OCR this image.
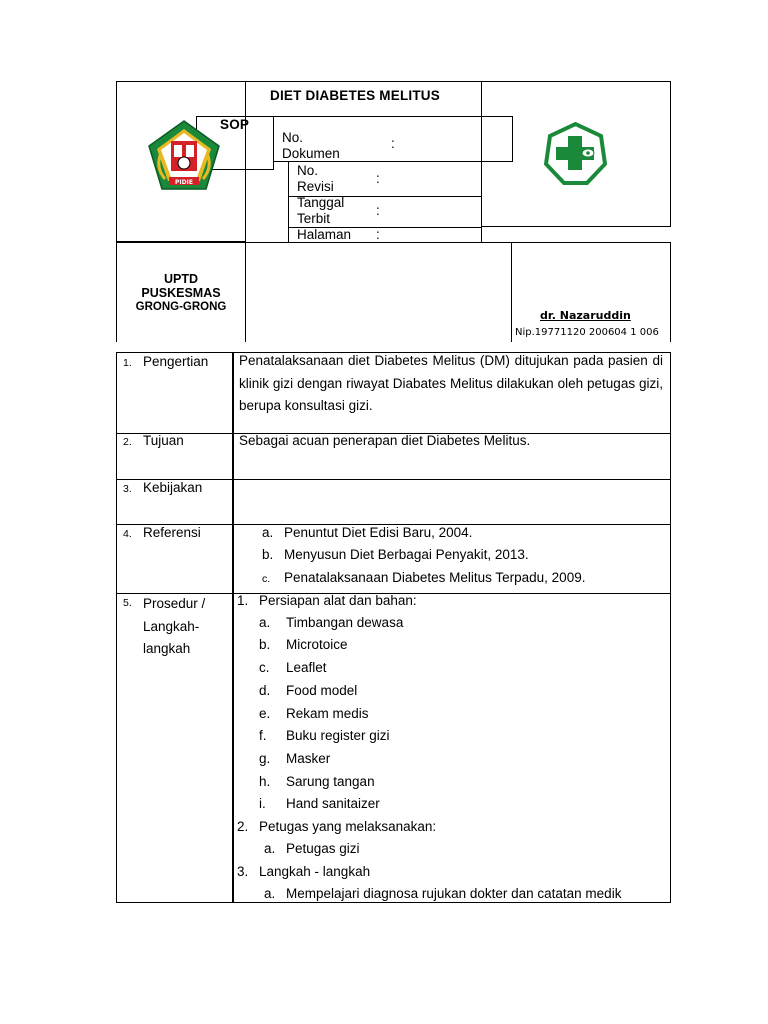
DIET DIABETES MELITUS
SOP
No.
Dokumen
:
No.
Revisi
:
Tanggal
Terbit
:
Halaman :
PIDIE
UPTD
PUSKESMAS
GRONG-GRONG
dr. Nazaruddin
Nip.19771120 200604 1 006
1. Pengertian Penatalaksanaan diet Diabetes Melitus (DM) ditujukan pada pasien di klinik gizi dengan riwayat Diabates Melitus dilakukan oleh petugas gizi, berupa konsultasi gizi.
2. Tujuan	Sebagai acuan penerapan diet Diabetes Melitus.
3. Kebijakan
4. Referensi	a. Penuntut Diet Edisi Baru, 2004.
b. Menyusun Diet Berbagai Penyakit, 2013.
c. Penatalaksanaan Diabetes Melitus Terpadu, 2009.
5. Prosedur /
Langkah-
langkah
1. Persiapan alat dan bahan:
a. Timbangan dewasa
b. Microtoice
c. Leaflet
d. Food model
e. Rekam medis
f. Buku register gizi
g. Masker
h. Sarung tangan
i. Hand sanitaizer
2. Petugas yang melaksanakan:
a. Petugas gizi
3. Langkah - langkah
a. Mempelajari diagnosa rujukan dokter dan catatan medik
